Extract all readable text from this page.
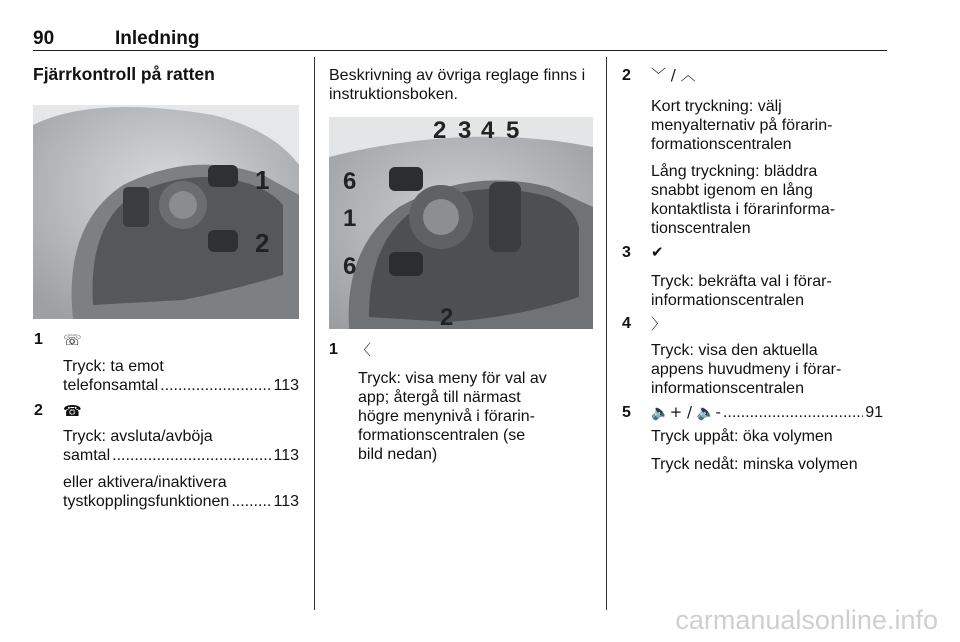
90	Inledning
Fjärrkontroll på ratten
1
2
1 ☏
Tryck: ta emot
telefonsamtal .....	113
2 ☎
Tryck: avsluta/avböja
samtal .....	113
eller aktivera/inaktivera
tystkopplingsfunktionen .....	113
Beskrivning av övriga reglage finns i
instruktionsboken.
2 3 4 5
6
1
6
2
1 〈
Tryck: visa meny för val av
app; återgå till närmast
högre menynivå i förarin-
formationscentralen (se
bild nedan)
2 ﹀ / ︿
Kort tryckning: välj
menyalternativ på förarin-
formationscentralen
Lång tryckning: bläddra
snabbt igenom en lång
kontaktlista i förarinforma-
tionscentralen
3 ✔
Tryck: bekräfta val i förar-
informationscentralen
4 〉
Tryck: visa den aktuella
appens huvudmeny i förar-
informationscentralen
5 🔈+ / 🔈- .....	91
Tryck uppåt: öka volymen
Tryck nedåt: minska volymen
carmanualsonline.info
